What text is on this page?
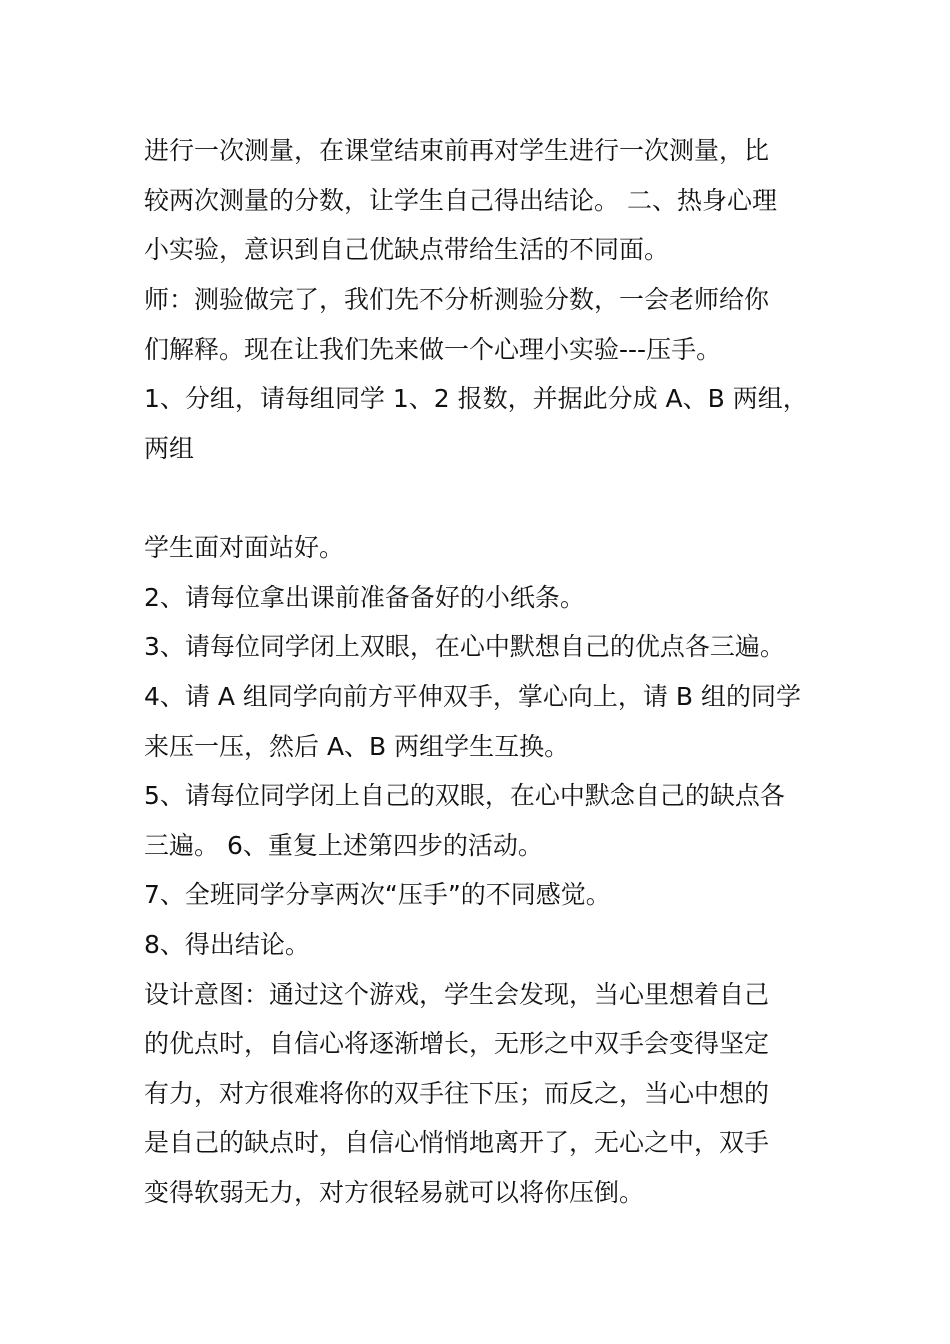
进行一次测量，在课堂结束前再对学生进行一次测量，比
较两次测量的分数，让学生自己得出结论。 二、热身心理
小实验，意识到自己优缺点带给生活的不同面。
师：测验做完了，我们先不分析测验分数，一会老师给你
们解释。现在让我们先来做一个心理小实验---压手。
1、分组，请每组同学 1、2 报数，并据此分成 A、B 两组，
两组
学生面对面站好。
2、请每位拿出课前准备备好的小纸条。
3、请每位同学闭上双眼，在心中默想自己的优点各三遍。
4、请 A 组同学向前方平伸双手，掌心向上，请 B 组的同学
来压一压，然后 A、B 两组学生互换。
5、请每位同学闭上自己的双眼，在心中默念自己的缺点各
三遍。 6、重复上述第四步的活动。
7、全班同学分享两次“压手”的不同感觉。
8、得出结论。
设计意图：通过这个游戏，学生会发现，当心里想着自己
的优点时，自信心将逐渐增长，无形之中双手会变得坚定
有力，对方很难将你的双手往下压；而反之，当心中想的
是自己的缺点时，自信心悄悄地离开了，无心之中，双手
变得软弱无力，对方很轻易就可以将你压倒。
